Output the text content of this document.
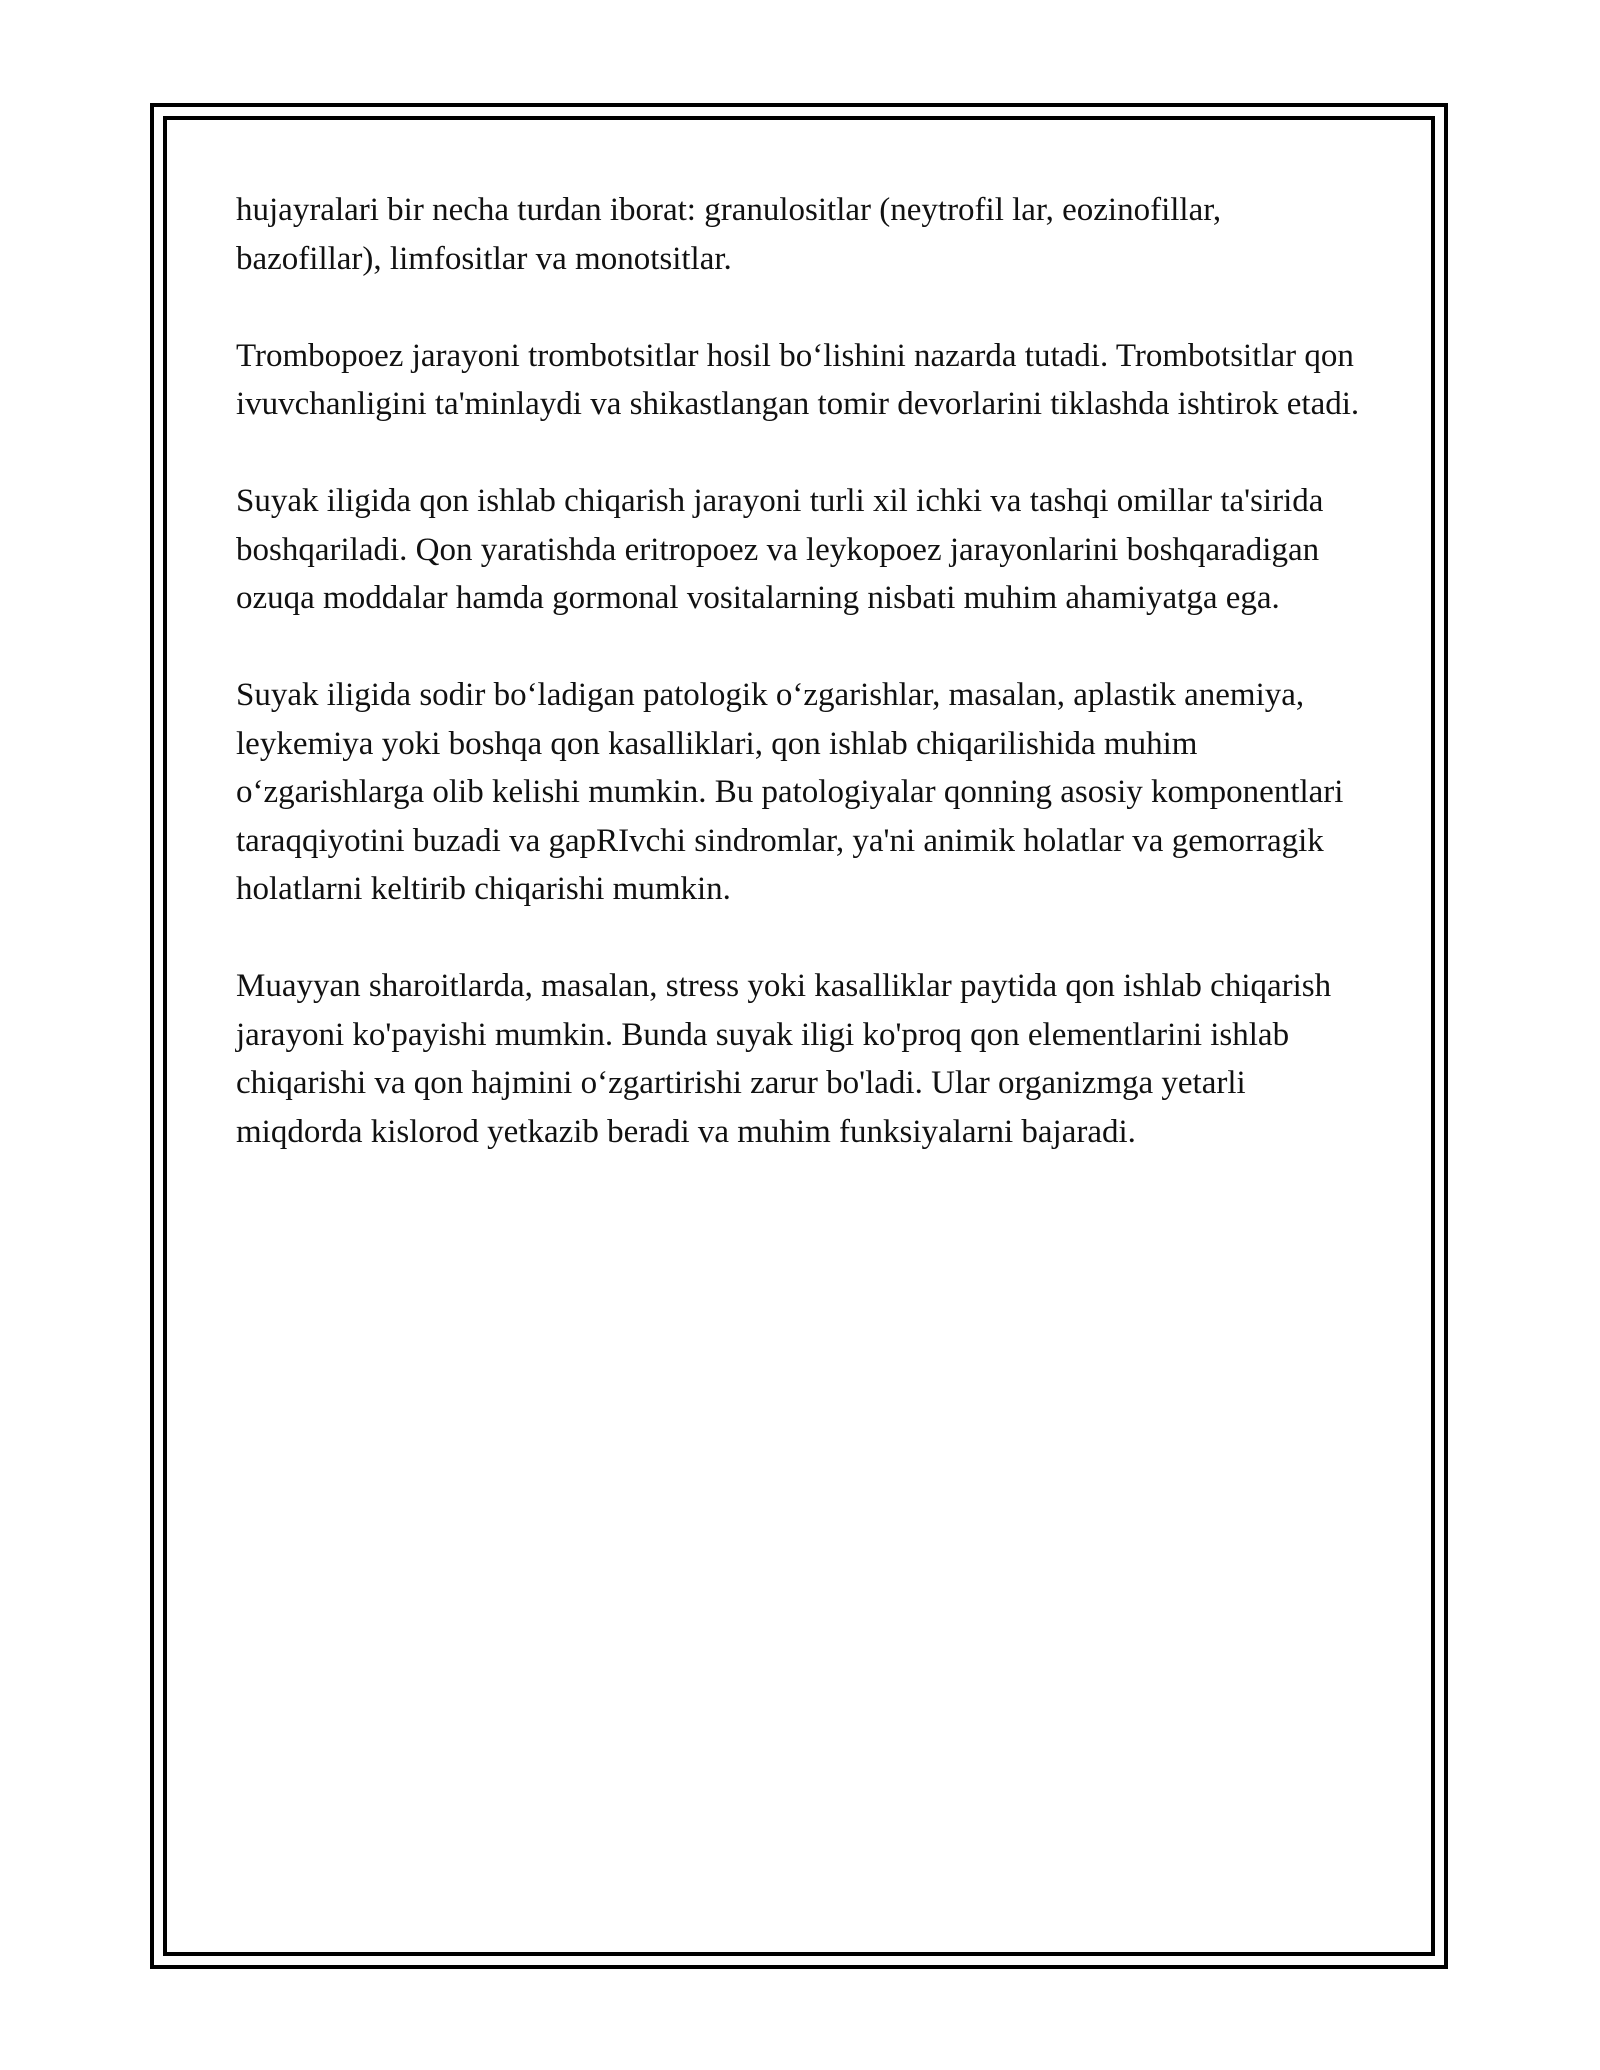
hujayralari bir necha turdan iborat: granulositlar (neytrofil lar, eozinofillar, bazofillar), limfositlar va monotsitlar.

Trombopoez jarayoni trombotsitlar hosil bo‘lishini nazarda tutadi. Trombotsitlar qon ivuvchanligini ta'minlaydi va shikastlangan tomir devorlarini tiklashda ishtirok etadi.

Suyak iligida qon ishlab chiqarish jarayoni turli xil ichki va tashqi omillar ta'sirida boshqariladi. Qon yaratishda eritropoez va leykopoez jarayonlarini boshqaradigan ozuqa moddalar hamda gormonal vositalarning nisbati muhim ahamiyatga ega.

Suyak iligida sodir bo‘ladigan patologik o‘zgarishlar, masalan, aplastik anemiya, leykemiya yoki boshqa qon kasalliklari, qon ishlab chiqarilishida muhim o‘zgarishlarga olib kelishi mumkin. Bu patologiyalar qonning asosiy komponentlari taraqqiyotini buzadi va gapRIvchi sindromlar, ya'ni animik holatlar va gemorragik holatlarni keltirib chiqarishi mumkin.

Muayyan sharoitlarda, masalan, stress yoki kasalliklar paytida qon ishlab chiqarish jarayoni ko'payishi mumkin. Bunda suyak iligi ko'proq qon elementlarini ishlab chiqarishi va qon hajmini o‘zgartirishi zarur bo'ladi. Ular organizmga yetarli miqdorda kislorod yetkazib beradi va muhim funksiyalarni bajaradi.
